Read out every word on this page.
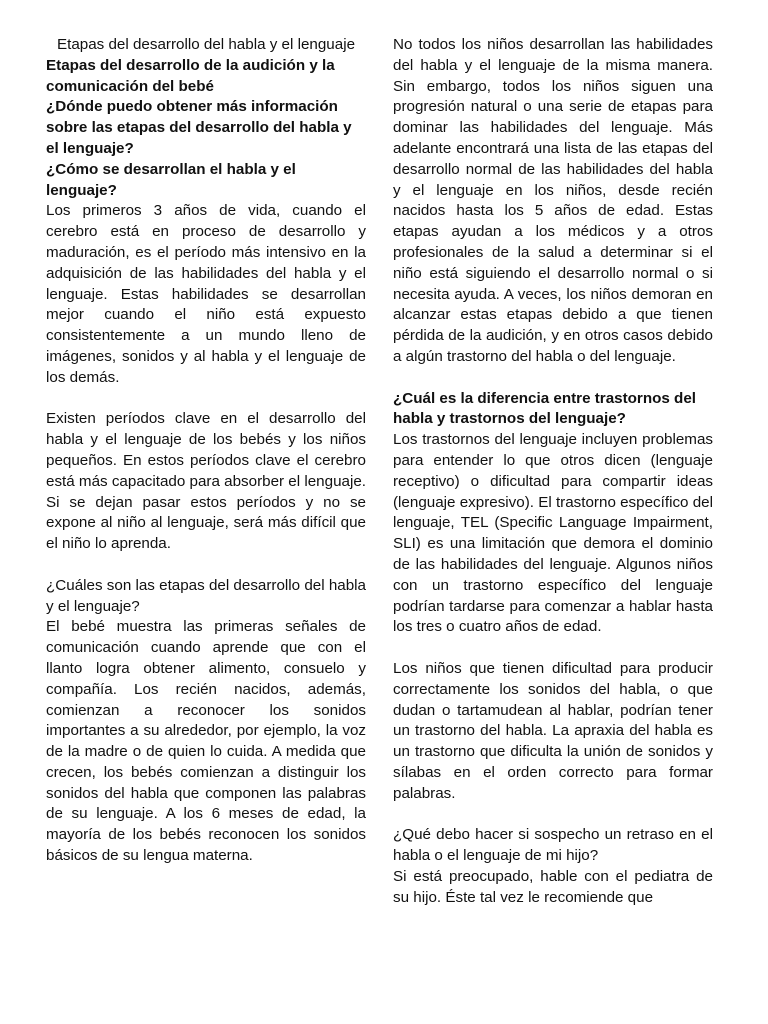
Etapas del desarrollo del habla y el lenguaje

Etapas del desarrollo de la audición y la comunicación del bebé

¿Dónde puedo obtener más información sobre las etapas del desarrollo del habla y el lenguaje?

¿Cómo se desarrollan el habla y el lenguaje?

Los primeros 3 años de vida, cuando el cerebro está en proceso de desarrollo y maduración, es el período más intensivo en la adquisición de las habilidades del habla y el lenguaje. Estas habilidades se desarrollan mejor cuando el niño está expuesto consistentemente a un mundo lleno de imágenes, sonidos y al habla y el lenguaje de los demás.

Existen períodos clave en el desarrollo del habla y el lenguaje de los bebés y los niños pequeños. En estos períodos clave el cerebro está más capacitado para absorber el lenguaje. Si se dejan pasar estos períodos y no se expone al niño al lenguaje, será más difícil que el niño lo aprenda.

¿Cuáles son las etapas del desarrollo del habla y el lenguaje?

El bebé muestra las primeras señales de comunicación cuando aprende que con el llanto logra obtener alimento, consuelo y compañía. Los recién nacidos, además, comienzan a reconocer los sonidos importantes a su alrededor, por ejemplo, la voz de la madre o de quien lo cuida. A medida que crecen, los bebés comienzan a distinguir los sonidos del habla que componen las palabras de su lenguaje. A los 6 meses de edad, la mayoría de los bebés reconocen los sonidos básicos de su lengua materna.

No todos los niños desarrollan las habilidades del habla y el lenguaje de la misma manera. Sin embargo, todos los niños siguen una progresión natural o una serie de etapas para dominar las habilidades del lenguaje. Más adelante encontrará una lista de las etapas del desarrollo normal de las habilidades del habla y el lenguaje en los niños, desde recién nacidos hasta los 5 años de edad. Estas etapas ayudan a los médicos y a otros profesionales de la salud a determinar si el niño está siguiendo el desarrollo normal o si necesita ayuda. A veces, los niños demoran en alcanzar estas etapas debido a que tienen pérdida de la audición, y en otros casos debido a algún trastorno del habla o del lenguaje.

¿Cuál es la diferencia entre trastornos del habla y trastornos del lenguaje?

Los trastornos del lenguaje incluyen problemas para entender lo que otros dicen (lenguaje receptivo) o dificultad para compartir ideas (lenguaje expresivo). El trastorno específico del lenguaje, TEL (Specific Language Impairment, SLI) es una limitación que demora el dominio de las habilidades del lenguaje. Algunos niños con un trastorno específico del lenguaje podrían tardarse para comenzar a hablar hasta los tres o cuatro años de edad.

Los niños que tienen dificultad para producir correctamente los sonidos del habla, o que dudan o tartamudean al hablar, podrían tener un trastorno del habla. La apraxia del habla es un trastorno que dificulta la unión de sonidos y sílabas en el orden correcto para formar palabras.

¿Qué debo hacer si sospecho un retraso en el habla o el lenguaje de mi hijo?

Si está preocupado, hable con el pediatra de su hijo. Éste tal vez le recomiende que
